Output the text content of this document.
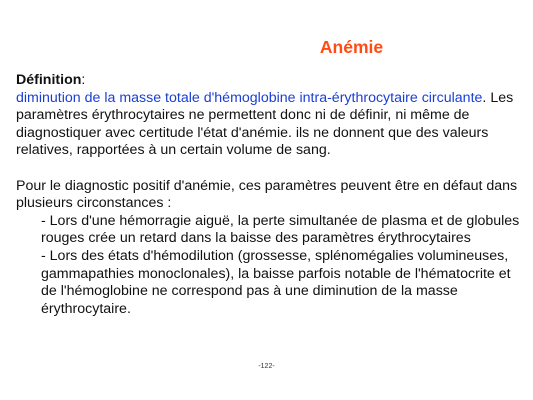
Anémie

Définition:

diminution de la masse totale d'hémoglobine intra-érythrocytaire circulante. Les paramètres érythrocytaires ne permettent donc ni de définir, ni même de diagnostiquer avec certitude l'état d'anémie. ils ne donnent que des valeurs relatives, rapportées à un certain volume de sang.

Pour le diagnostic positif d'anémie, ces paramètres peuvent être en défaut dans plusieurs circonstances :

- Lors d'une hémorragie aiguë, la perte simultanée de plasma et de globules rouges crée un retard dans la baisse des paramètres érythrocytaires

- Lors des états d'hémodilution (grossesse, splénomégalies volumineuses, gammapathies monoclonales), la baisse parfois notable de l'hématocrite et de l'hémoglobine ne correspond pas à une diminution de la masse érythrocytaire.

-122-
